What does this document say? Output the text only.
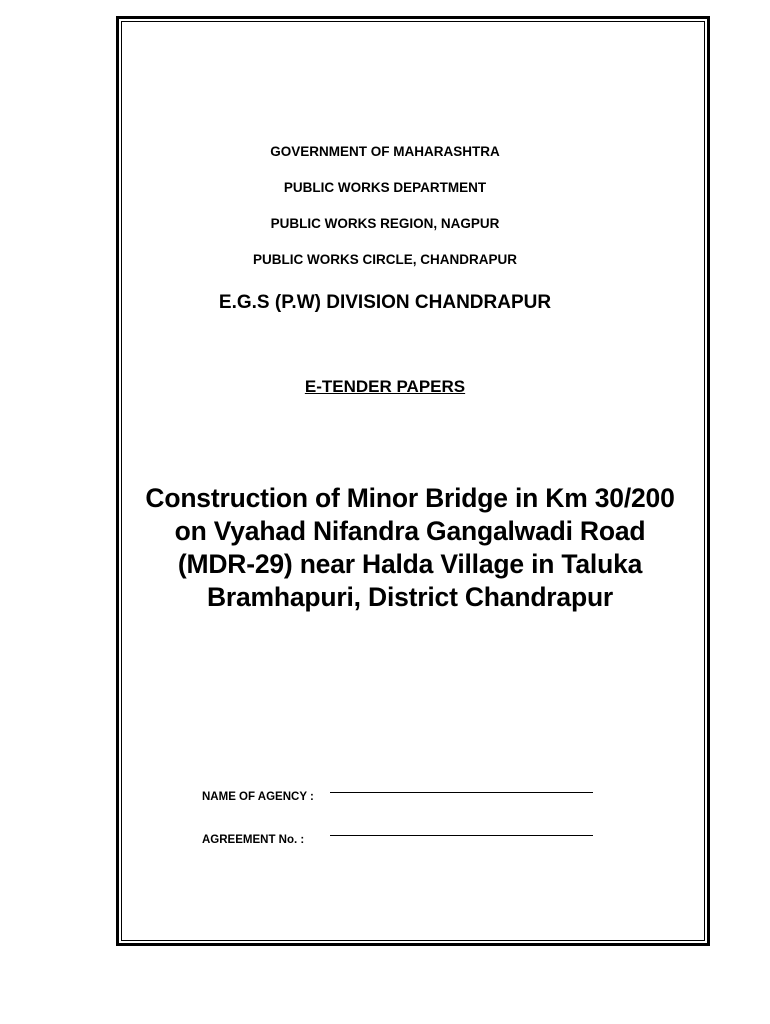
GOVERNMENT OF MAHARASHTRA
PUBLIC WORKS DEPARTMENT
PUBLIC WORKS REGION, NAGPUR
PUBLIC WORKS CIRCLE, CHANDRAPUR
E.G.S (P.W) DIVISION CHANDRAPUR
E-TENDER PAPERS
Construction of Minor Bridge in Km 30/200
on Vyahad Nifandra Gangalwadi Road
(MDR-29) near Halda Village in Taluka
Bramhapuri, District Chandrapur
NAME OF AGENCY :
AGREEMENT No. :
